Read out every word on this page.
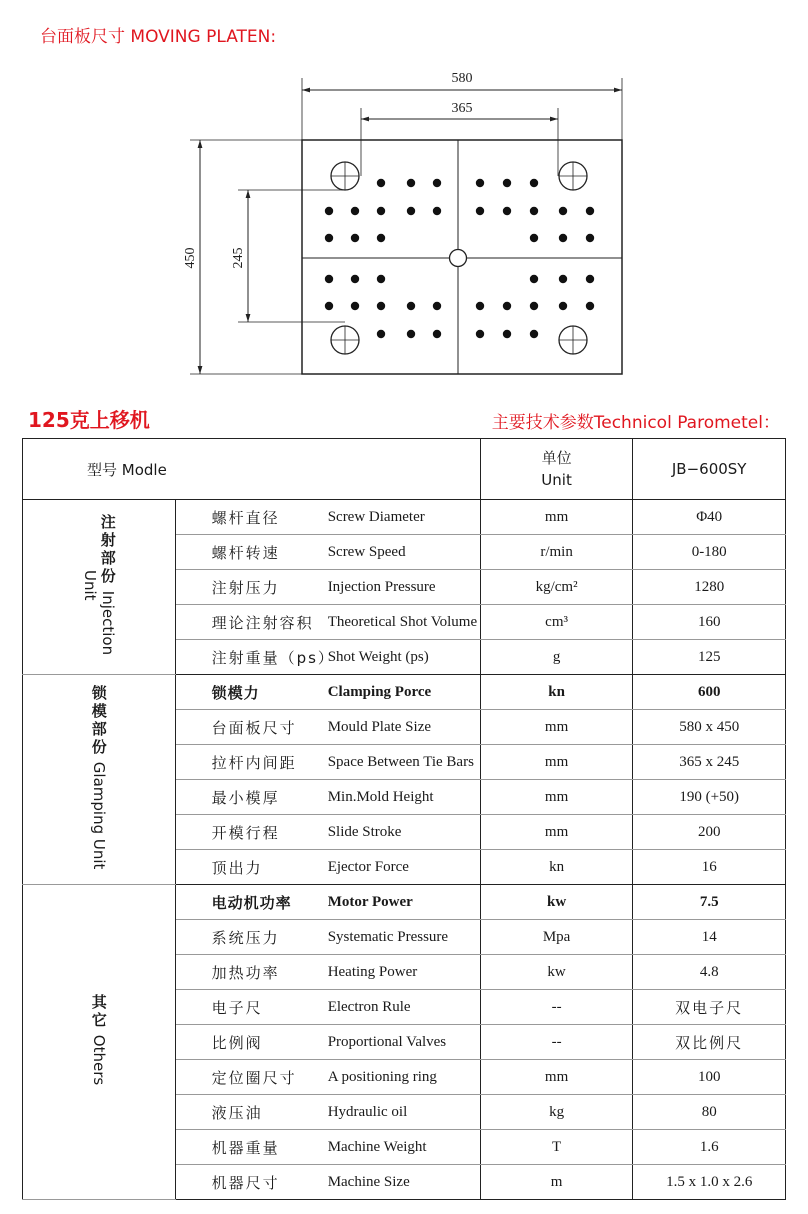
台面板尺寸 MOVING PLATEN:
580
365
450 245
125克上移机	主要技术参数Technicol Parometel：
型号 Modle			单位
Unit	JB−600SY
注射部份 Injection Unit	螺杆直径	Screw Diameter	mm	Φ40
	螺杆转速	Screw Speed	r/min	0-180
	注射压力	Injection Pressure	kg/cm²	1280
	理论注射容积	Theoretical Shot Volume	cm³	160
	注射重量（ps）	Shot Weight (ps)	g	125
锁模部份 Glamping Unit	锁模力	Clamping Porce	kn	600
	台面板尺寸	Mould Plate Size	mm	580 x 450
	拉杆内间距	Space Between Tie Bars	mm	365 x 245
	最小模厚	Min.Mold Height	mm	190 (+50)
	开模行程	Slide Stroke	mm	200
	顶出力	Ejector Force	kn	16
其它 Others	电动机功率	Motor Power	kw	7.5
	系统压力	Systematic Pressure	Mpa	14
	加热功率	Heating Power	kw	4.8
	电子尺	Electron Rule	--	双电子尺
	比例阀	Proportional Valves	--	双比例尺
	定位圈尺寸	A positioning ring	mm	100
	液压油	Hydraulic oil	kg	80
	机器重量	Machine Weight	T	1.6
	机器尺寸	Machine Size	m	1.5 x 1.0 x 2.6
